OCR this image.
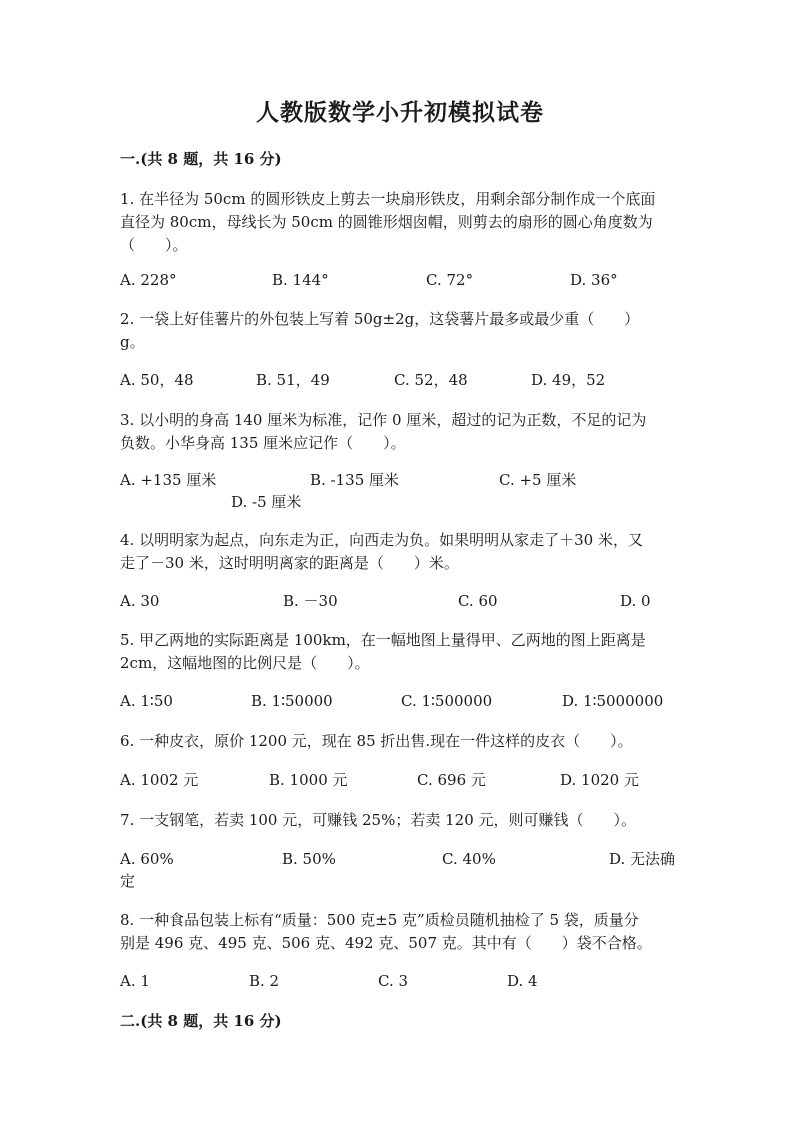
人教版数学小升初模拟试卷
一.(共 8 题，共 16 分)
1. 在半径为 50cm 的圆形铁皮上剪去一块扇形铁皮，用剩余部分制作成一个底面
直径为 80cm，母线长为 50cm 的圆锥形烟囱帽，则剪去的扇形的圆心角度数为
（　　）。
A. 228°	B. 144°	C. 72°	D. 36°
2. 一袋上好佳薯片的外包装上写着 50g±2g，这袋薯片最多或最少重（　　）
g。
A. 50，48	B. 51，49	C. 52，48	D. 49，52
3. 以小明的身高 140 厘米为标准，记作 0 厘米，超过的记为正数，不足的记为
负数。小华身高 135 厘米应记作（　　）。
A. +135 厘米	B. -135 厘米	C. +5 厘米
D. -5 厘米
4. 以明明家为起点，向东走为正，向西走为负。如果明明从家走了＋30 米，又
走了－30 米，这时明明离家的距离是（　　）米。
A. 30	B. －30	C. 60	D. 0
5. 甲乙两地的实际距离是 100km，在一幅地图上量得甲、乙两地的图上距离是
2cm，这幅地图的比例尺是（　　）。
A. 1∶50	B. 1∶50000	C. 1∶500000	D. 1∶5000000
6. 一种皮衣，原价 1200 元，现在 85 折出售.现在一件这样的皮衣（　　）。
A. 1002 元	B. 1000 元	C. 696 元	D. 1020 元
7. 一支钢笔，若卖 100 元，可赚钱 25%；若卖 120 元，则可赚钱（　　）。
A. 60%	B. 50%	C. 40%	D. 无法确
定
8. 一种食品包装上标有“质量：500 克±5 克”质检员随机抽检了 5 袋，质量分
别是 496 克、495 克、506 克、492 克、507 克。其中有（　　）袋不合格。
A. 1	B. 2	C. 3	D. 4
二.(共 8 题，共 16 分)
